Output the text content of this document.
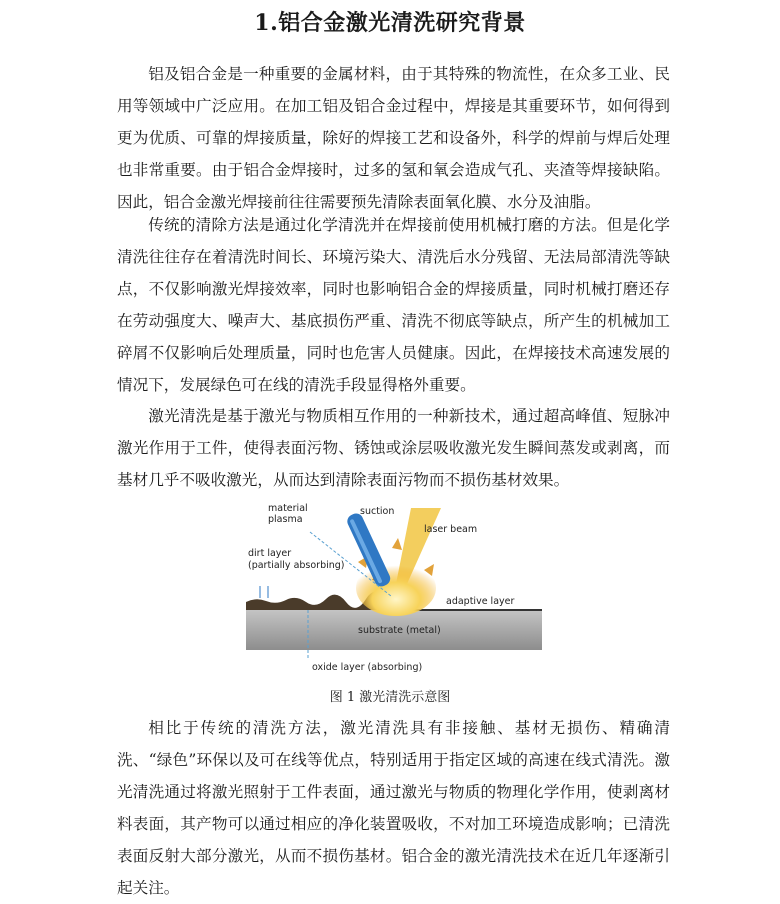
1.铝合金激光清洗研究背景

铝及铝合金是一种重要的金属材料，由于其特殊的物流性，在众多工业、民用等领域中广泛应用。在加工铝及铝合金过程中，焊接是其重要环节，如何得到更为优质、可靠的焊接质量，除好的焊接工艺和设备外，科学的焊前与焊后处理也非常重要。由于铝合金焊接时，过多的氢和氧会造成气孔、夹渣等焊接缺陷。因此，铝合金激光焊接前往往需要预先清除表面氧化膜、水分及油脂。

传统的清除方法是通过化学清洗并在焊接前使用机械打磨的方法。但是化学清洗往往存在着清洗时间长、环境污染大、清洗后水分残留、无法局部清洗等缺点，不仅影响激光焊接效率，同时也影响铝合金的焊接质量，同时机械打磨还存在劳动强度大、噪声大、基底损伤严重、清洗不彻底等缺点，所产生的机械加工碎屑不仅影响后处理质量，同时也危害人员健康。因此，在焊接技术高速发展的情况下，发展绿色可在线的清洗手段显得格外重要。

激光清洗是基于激光与物质相互作用的一种新技术，通过超高峰值、短脉冲激光作用于工件，使得表面污物、锈蚀或涂层吸收激光发生瞬间蒸发或剥离，而基材几乎不吸收激光，从而达到清除表面污物而不损伤基材效果。

material
plasma
suction
laser beam
dirt layer
(partially absorbing)
adaptive layer
substrate (metal)
oxide layer (absorbing)
图 1 激光清洗示意图

相比于传统的清洗方法，激光清洗具有非接触、基材无损伤、精确清洗、“绿色”环保以及可在线等优点，特别适用于指定区域的高速在线式清洗。激光清洗通过将激光照射于工件表面，通过激光与物质的物理化学作用，使剥离材料表面，其产物可以通过相应的净化装置吸收，不对加工环境造成影响；已清洗表面反射大部分激光，从而不损伤基材。铝合金的激光清洗技术在近几年逐渐引起关注。
